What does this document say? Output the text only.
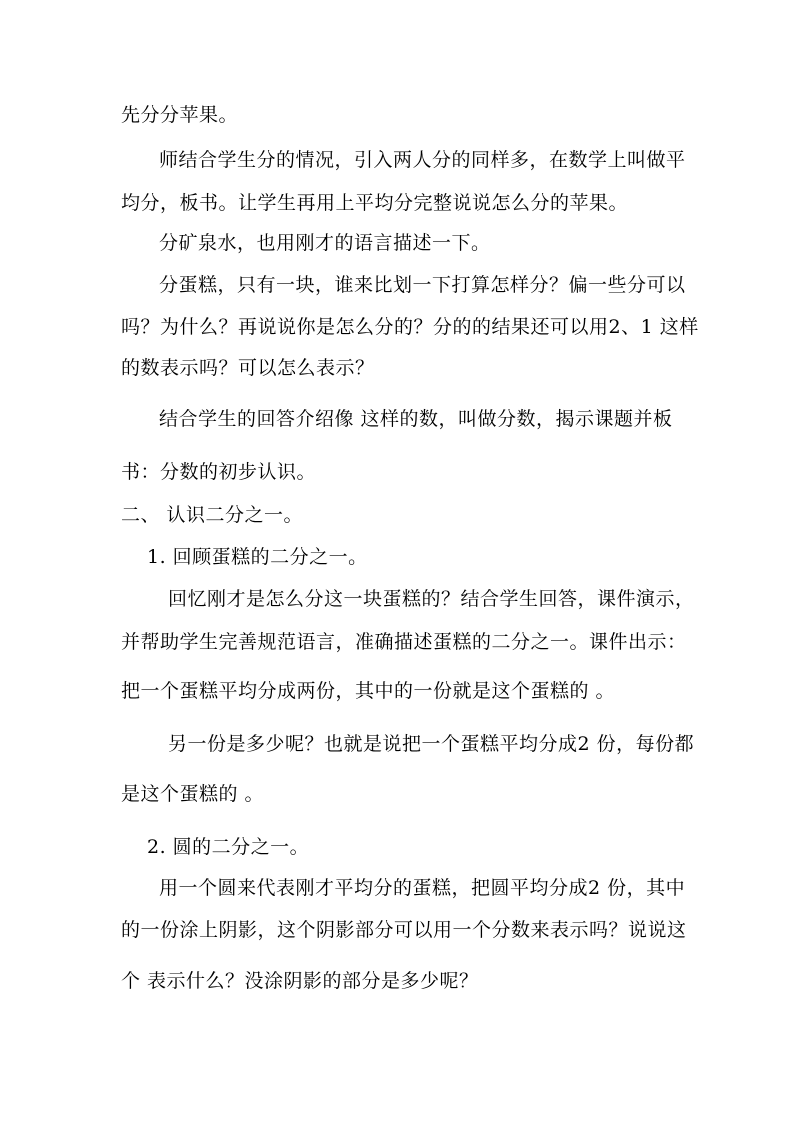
先分分苹果。
师结合学生分的情况，引入两人分的同样多，在数学上叫做平
均分，板书。让学生再用上平均分完整说说怎么分的苹果。
分矿泉水，也用刚才的语言描述一下。
分蛋糕，只有一块，谁来比划一下打算怎样分？偏一些分可以
吗？为什么？再说说你是怎么分的？分的的结果还可以用2、1 这样
的数表示吗？可以怎么表示？
结合学生的回答介绍像 这样的数，叫做分数，揭示课题并板
书：分数的初步认识。
二、 认识二分之一。
1. 回顾蛋糕的二分之一。
回忆刚才是怎么分这一块蛋糕的？结合学生回答，课件演示，
并帮助学生完善规范语言，准确描述蛋糕的二分之一。课件出示：
把一个蛋糕平均分成两份，其中的一份就是这个蛋糕的 。
另一份是多少呢？也就是说把一个蛋糕平均分成2 份，每份都
是这个蛋糕的 。
2. 圆的二分之一。
用一个圆来代表刚才平均分的蛋糕，把圆平均分成2 份，其中
的一份涂上阴影，这个阴影部分可以用一个分数来表示吗？说说这
个 表示什么？没涂阴影的部分是多少呢？
